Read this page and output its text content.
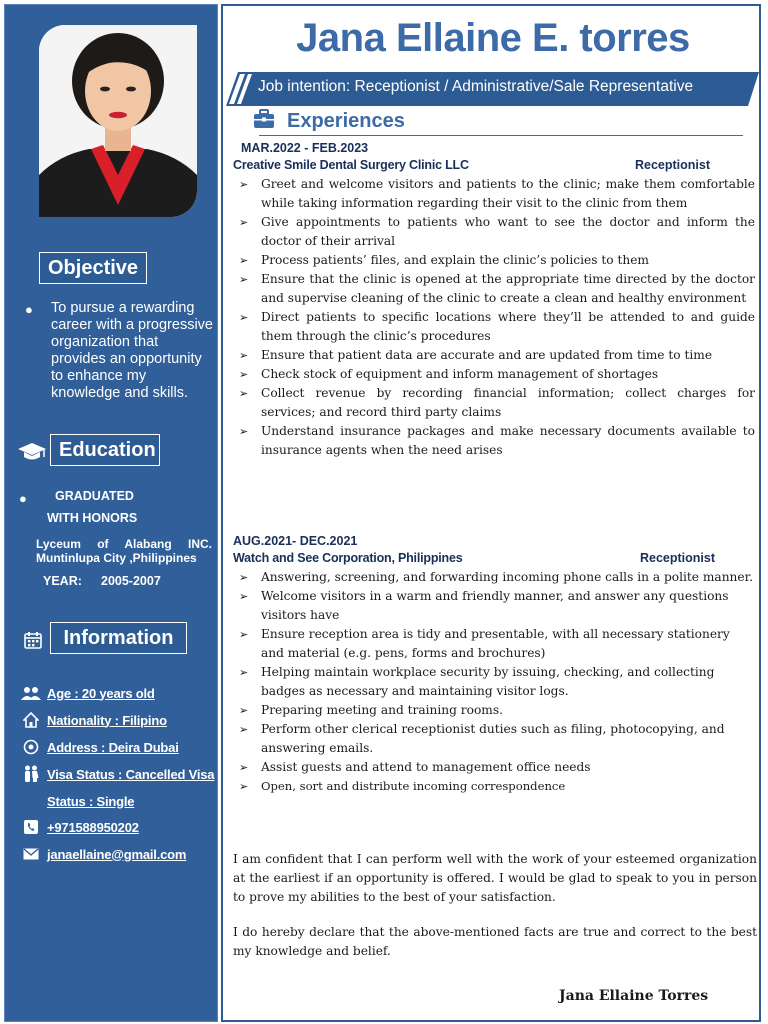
Objective
● To pursue a rewarding career with a progressive organization that provides an opportunity to enhance my knowledge and skills.
Education
● GRADUATED
WITH HONORS
Lyceum of Alabang INC.
Muntinlupa City ,Philippines
YEAR: 2005-2007
Information
Age : 20 years old
Nationality : Filipino
Address : Deira Dubai
Visa Status : Cancelled Visa
Status : Single
+971588950202
janaellaine@gmail.com
Jana Ellaine E. torres
Job intention: Receptionist / Administrative/Sale Representative
Experiences
MAR.2022 - FEB.2023
Creative Smile Dental Surgery Clinic LLC	Receptionist
➢ Greet and welcome visitors and patients to the clinic; make them comfortable while taking information regarding their visit to the clinic from them
➢ Give appointments to patients who want to see the doctor and inform the doctor of their arrival
➢ Process patients’ files, and explain the clinic’s policies to them
➢ Ensure that the clinic is opened at the appropriate time directed by the doctor and supervise cleaning of the clinic to create a clean and healthy environment
➢ Direct patients to specific locations where they’ll be attended to and guide them through the clinic’s procedures
➢ Ensure that patient data are accurate and are updated from time to time
➢ Check stock of equipment and inform management of shortages
➢ Collect revenue by recording financial information; collect charges for services; and record third party claims
➢ Understand insurance packages and make necessary documents available to insurance agents when the need arises
AUG.2021- DEC.2021
Watch and See Corporation, Philippines	Receptionist
➢ Answering, screening, and forwarding incoming phone calls in a polite manner.
➢ Welcome visitors in a warm and friendly manner, and answer any questions visitors have
➢ Ensure reception area is tidy and presentable, with all necessary stationery and material (e.g. pens, forms and brochures)
➢ Helping maintain workplace security by issuing, checking, and collecting badges as necessary and maintaining visitor logs.
➢ Preparing meeting and training rooms.
➢ Perform other clerical receptionist duties such as filing, photocopying, and answering emails.
➢ Assist guests and attend to management office needs
➢ Open, sort and distribute incoming correspondence
I am confident that I can perform well with the work of your esteemed organization at the earliest if an opportunity is offered. I would be glad to speak to you in person to prove my abilities to the best of your satisfaction.
I do hereby declare that the above-mentioned facts are true and correct to the best my knowledge and belief.
Jana Ellaine Torres
